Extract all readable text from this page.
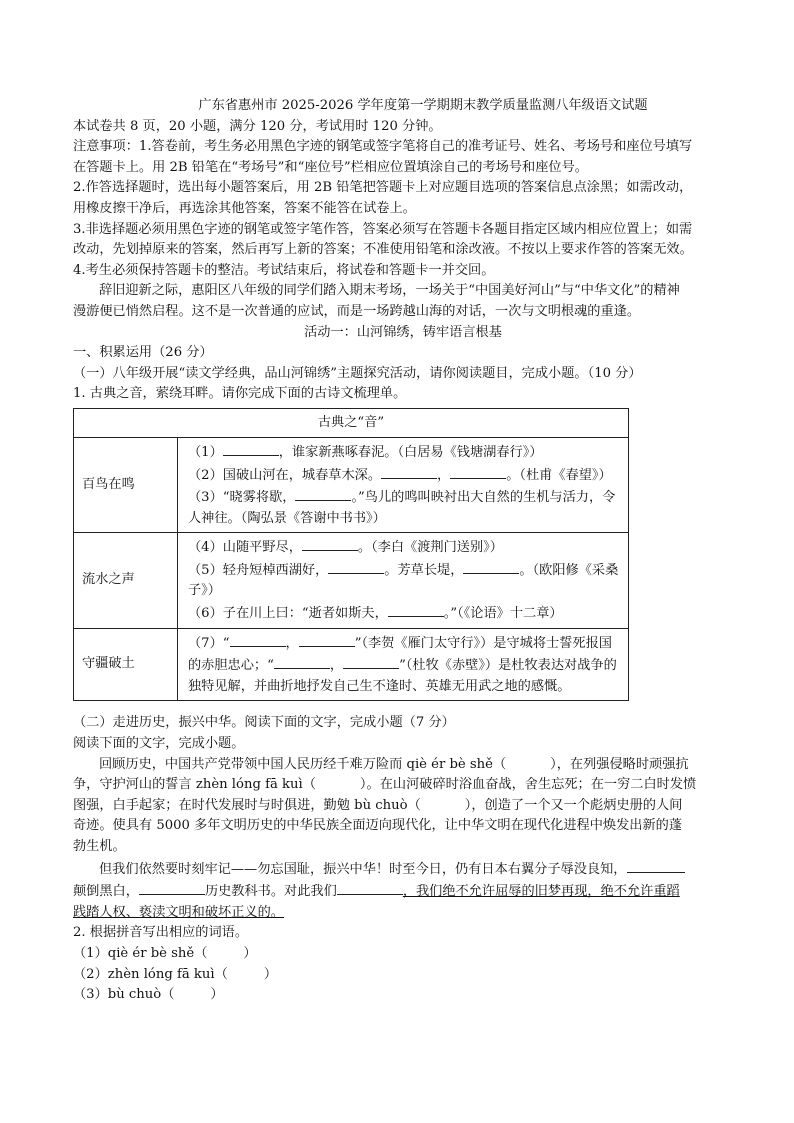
广东省惠州市 2025-2026 学年度第一学期期末教学质量监测八年级语文试题
本试卷共 8 页，20 小题，满分 120 分，考试用时 120 分钟。
注意事项：1.答卷前，考生务必用黑色字迹的钢笔或签字笔将自己的准考证号、姓名、考场号和座位号填写
在答题卡上。用 2B 铅笔在“考场号”和“座位号”栏相应位置填涂自己的考场号和座位号。
2.作答选择题时，选出每小题答案后，用 2B 铅笔把答题卡上对应题目选项的答案信息点涂黑；如需改动，
用橡皮擦干净后，再选涂其他答案，答案不能答在试卷上。
3.非选择题必须用黑色字迹的钢笔或签字笔作答，答案必须写在答题卡各题目指定区域内相应位置上；如需
改动，先划掉原来的答案，然后再写上新的答案；不准使用铅笔和涂改液。不按以上要求作答的答案无效。
4.考生必须保持答题卡的整洁。考试结束后，将试卷和答题卡一并交回。
辞旧迎新之际，惠阳区八年级的同学们踏入期末考场，一场关于“中国美好河山”与“中华文化”的精神
漫游便已悄然启程。这不是一次普通的应试，而是一场跨越山海的对话，一次与文明根魂的重逢。
活动一：山河锦绣，铸牢语言根基
一、积累运用（26 分）
（一）八年级开展“读文学经典，品山河锦绣”主题探究活动，请你阅读题目，完成小题。（10 分）
1. 古典之音，萦绕耳畔。请你完成下面的古诗文梳理单。
古典之“音”	
百鸟在鸣	（1） ，谁家新燕啄春泥。（白居易《钱塘湖春行》）
（2）国破山河在，城春草木深。 ， 。（杜甫《春望》）
（3）“晓雾将歇， 。”鸟儿的鸣叫映衬出大自然的生机与活力，令人神往。（陶弘景《答谢中书书》）

流水之声	（4）山随平野尽， 。（李白《渡荆门送别》）
（5）轻舟短棹西湖好， 。芳草长堤， 。（欧阳修《采桑子》）
（6）子在川上曰：“逝者如斯夫， 。”（《论语》十二章）

守疆破土	（7）“ ， ”（李贺《雁门太守行》）是守城将士誓死报国的赤胆忠心；“ ， ”（杜牧《赤壁》）是杜牧表达对战争的独特见解，并曲折地抒发自己生不逢时、英雄无用武之地的感慨。
（二）走进历史，振兴中华。阅读下面的文字，完成小题（7 分）
阅读下面的文字，完成小题。
回顾历史，中国共产党带领中国人民历经千难万险而 qiè ér bè shě（	），在列强侵略时顽强抗
争，守护河山的誓言 zhèn lóng fā kuì（	）。在山河破碎时浴血奋战，舍生忘死；在一穷二白时发愤
图强，白手起家；在时代发展时与时俱进，勤勉 bù chuò（	），创造了一个又一个彪炳史册的人间
奇迹。使具有 5000 多年文明历史的中华民族全面迈向现代化，让中华文明在现代化进程中焕发出新的蓬
勃生机。
但我们依然要时刻牢记——勿忘国耻，振兴中华！时至今日，仍有日本右翼分子辱没良知，
颠倒黑白，	历史教科书。对此我们	，我们绝不允许屈辱的旧梦再现，绝不允许重蹈
践踏人权、亵渎文明和破坏正义的。
2. 根据拼音写出相应的词语。
（1）qiè ér bè shě（	）
（2）zhèn lóng fā kuì（	）
（3）bù chuò（	）
